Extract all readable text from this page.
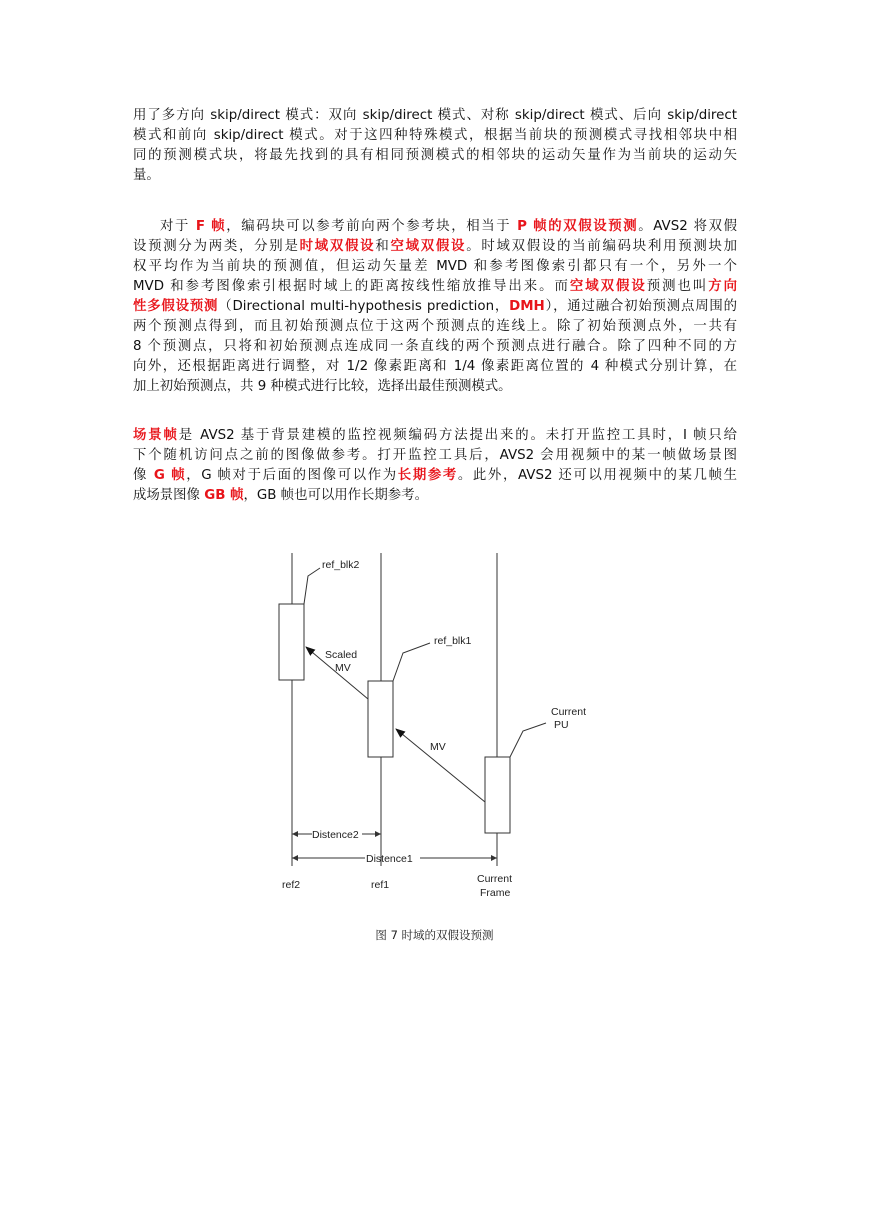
用了多方向 skip/direct 模式：双向 skip/direct 模式、对称 skip/direct 模式、后向 skip/direct
模式和前向 skip/direct 模式。对于这四种特殊模式，根据当前块的预测模式寻找相邻块中相
同的预测模式块，将最先找到的具有相同预测模式的相邻块的运动矢量作为当前块的运动矢
量。
对于 F 帧，编码块可以参考前向两个参考块，相当于 P 帧的双假设预测。AVS2 将双假
设预测分为两类，分别是时域双假设和空域双假设。时域双假设的当前编码块利用预测块加
权平均作为当前块的预测值，但运动矢量差 MVD 和参考图像索引都只有一个，另外一个
MVD 和参考图像索引根据时域上的距离按线性缩放推导出来。而空域双假设预测也叫方向
性多假设预测（Directional multi-hypothesis prediction，DMH），通过融合初始预测点周围的
两个预测点得到，而且初始预测点位于这两个预测点的连线上。除了初始预测点外，一共有
8 个预测点，只将和初始预测点连成同一条直线的两个预测点进行融合。除了四种不同的方
向外，还根据距离进行调整，对 1/2 像素距离和 1/4 像素距离位置的 4 种模式分别计算，在
加上初始预测点，共 9 种模式进行比较，选择出最佳预测模式。
场景帧是 AVS2 基于背景建模的监控视频编码方法提出来的。未打开监控工具时，I 帧只给
下个随机访问点之前的图像做参考。打开监控工具后，AVS2 会用视频中的某一帧做场景图
像 G 帧，G 帧对于后面的图像可以作为长期参考。此外，AVS2 还可以用视频中的某几帧生
成场景图像 GB 帧，GB 帧也可以用作长期参考。
ref_blk2
ref_blk1
Scaled
MV
MV
Current
PU
Distence2
Distence1
ref2	ref1	Current
Frame
图 7 时域的双假设预测
